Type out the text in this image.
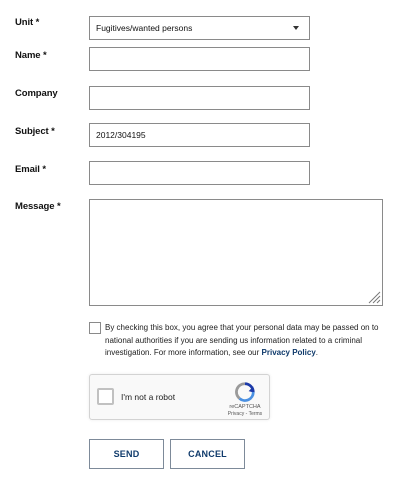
Unit *	Fugitives/wanted persons
Name *
Company
Subject *	2012/304195
Email *
Message *
By checking this box, you agree that your personal data may be passed on to national authorities if you are sending us information related to a criminal investigation. For more information, see our Privacy Policy.
I'm not a robot
reCAPTCHA
Privacy - Terms
SEND	CANCEL
